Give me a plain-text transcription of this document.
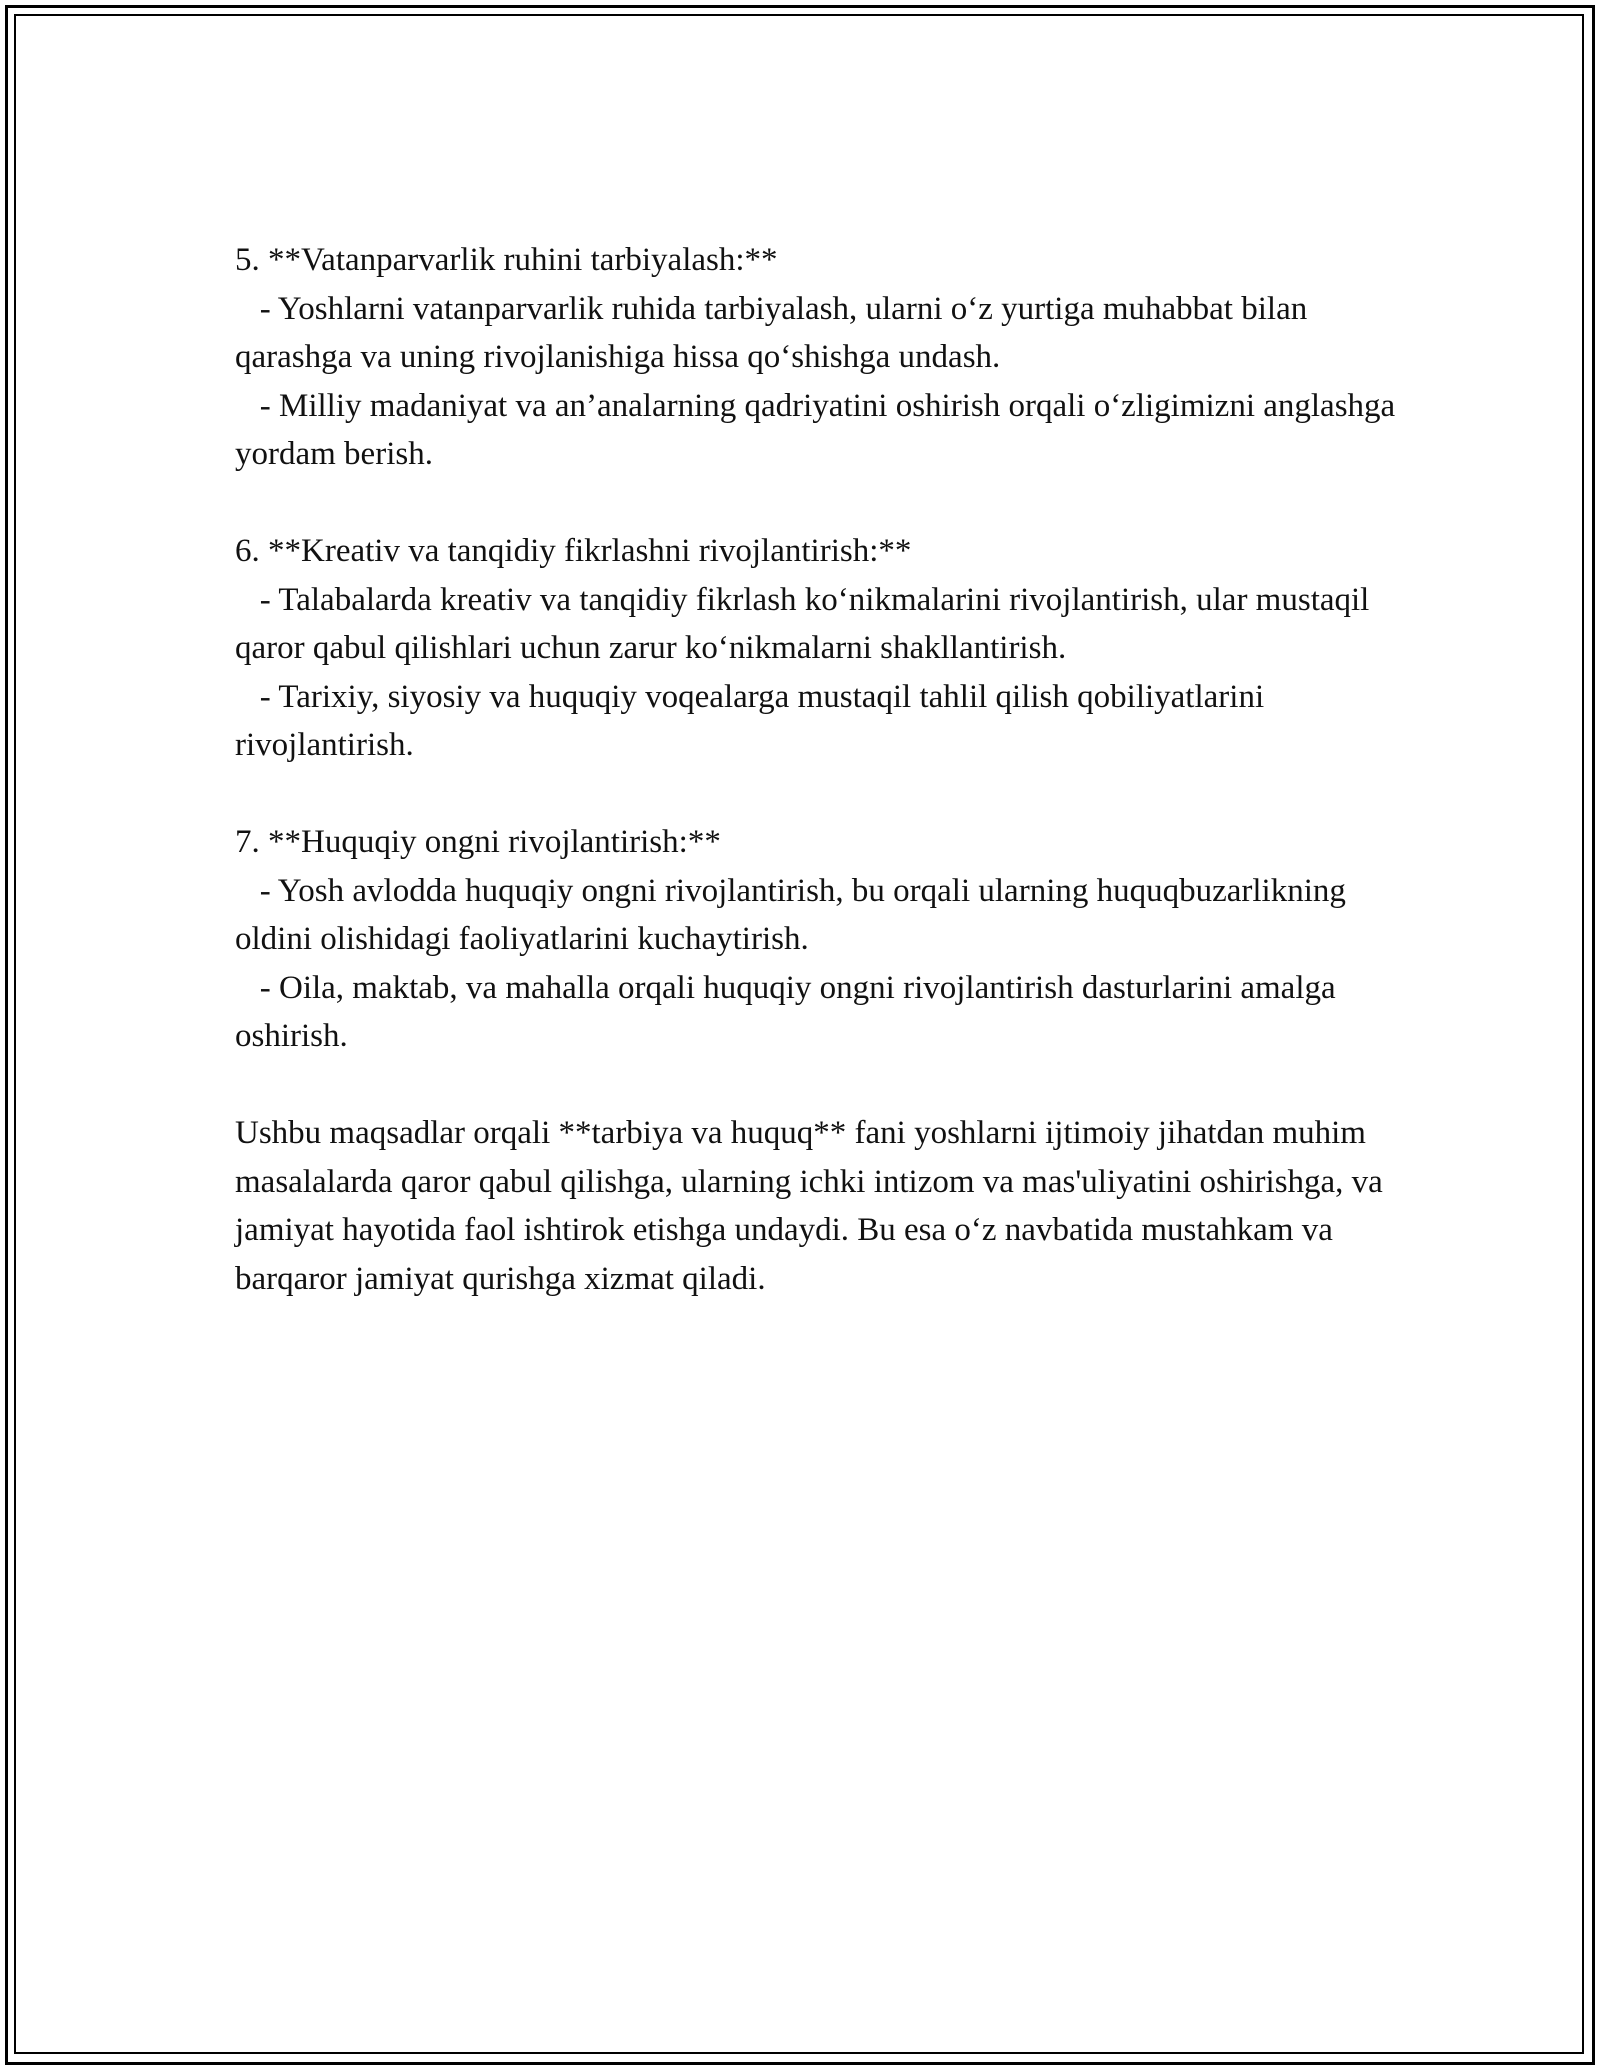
5. **Vatanparvarlik ruhini tarbiyalash:**
- Yoshlarni vatanparvarlik ruhida tarbiyalash, ularni o‘z yurtiga muhabbat bilan qarashga va uning rivojlanishiga hissa qo‘shishga undash.
- Milliy madaniyat va an’analarning qadriyatini oshirish orqali o‘zligimizni anglashga yordam berish.
6. **Kreativ va tanqidiy fikrlashni rivojlantirish:**
- Talabalarda kreativ va tanqidiy fikrlash ko‘nikmalarini rivojlantirish, ular mustaqil qaror qabul qilishlari uchun zarur ko‘nikmalarni shakllantirish.
- Tarixiy, siyosiy va huquqiy voqealarga mustaqil tahlil qilish qobiliyatlarini rivojlantirish.
7. **Huquqiy ongni rivojlantirish:**
- Yosh avlodda huquqiy ongni rivojlantirish, bu orqali ularning huquqbuzarlikning oldini olishidagi faoliyatlarini kuchaytirish.
- Oila, maktab, va mahalla orqali huquqiy ongni rivojlantirish dasturlarini amalga oshirish.
Ushbu maqsadlar orqali **tarbiya va huquq** fani yoshlarni ijtimoiy jihatdan muhim masalalarda qaror qabul qilishga, ularning ichki intizom va mas'uliyatini oshirishga, va jamiyat hayotida faol ishtirok etishga undaydi. Bu esa o‘z navbatida mustahkam va barqaror jamiyat qurishga xizmat qiladi.
